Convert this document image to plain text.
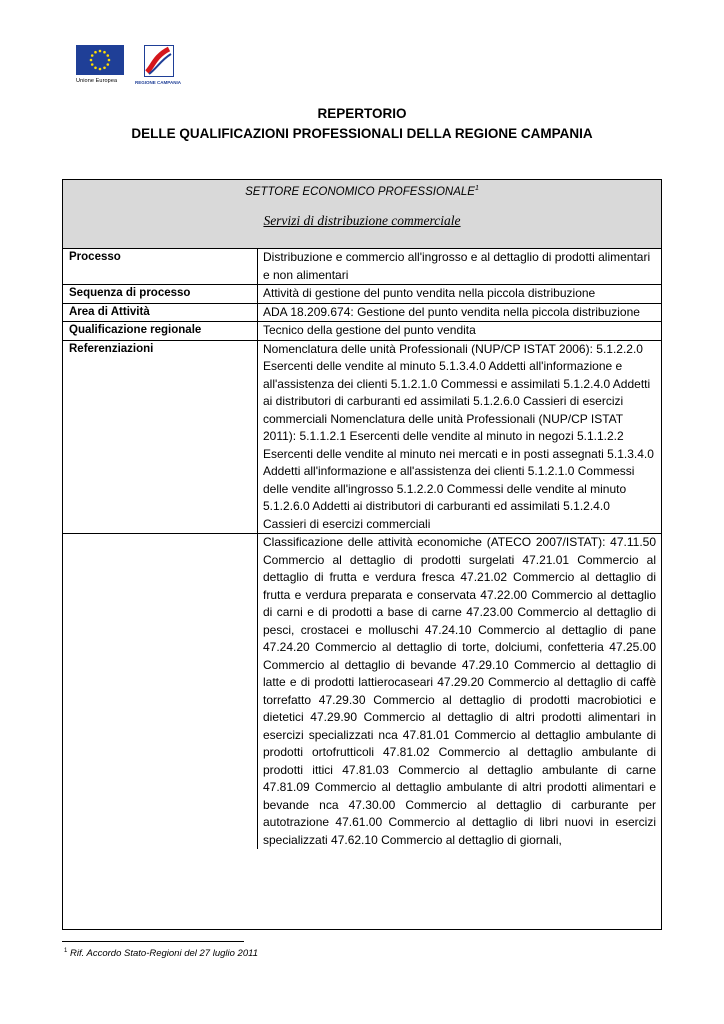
Unione Europea	REGIONE CAMPANIA
REPERTORIO
DELLE QUALIFICAZIONI PROFESSIONALI DELLA REGIONE CAMPANIA
SETTORE ECONOMICO PROFESSIONALE$^1$
Servizi di distribuzione commerciale
Processo	Distribuzione e commercio all'ingrosso e al dettaglio di prodotti alimentari e non alimentari
Sequenza di processo	Attività di gestione del punto vendita nella piccola distribuzione
Area di Attività	ADA 18.209.674: Gestione del punto vendita nella piccola distribuzione
Qualificazione regionale	Tecnico della gestione del punto vendita
Referenziazioni	Nomenclatura delle unità Professionali (NUP/CP ISTAT 2006): 5.1.2.2.0 Esercenti delle vendite al minuto 5.1.3.4.0 Addetti all'informazione e all'assistenza dei clienti 5.1.2.1.0 Commessi e assimilati 5.1.2.4.0 Addetti ai distributori di carburanti ed assimilati 5.1.2.6.0 Cassieri di esercizi commerciali Nomenclatura delle unità Professionali (NUP/CP ISTAT 2011): 5.1.1.2.1 Esercenti delle vendite al minuto in negozi 5.1.1.2.2 Esercenti delle vendite al minuto nei mercati e in posti assegnati 5.1.3.4.0 Addetti all'informazione e all'assistenza dei clienti 5.1.2.1.0 Commessi delle vendite all'ingrosso 5.1.2.2.0 Commessi delle vendite al minuto 5.1.2.6.0 Addetti ai distributori di carburanti ed assimilati 5.1.2.4.0 Cassieri di esercizi commerciali
Classificazione delle attività economiche (ATECO 2007/ISTAT): 47.11.50 Commercio al dettaglio di prodotti surgelati 47.21.01 Commercio al dettaglio di frutta e verdura fresca 47.21.02 Commercio al dettaglio di frutta e verdura preparata e conservata 47.22.00 Commercio al dettaglio di carni e di prodotti a base di carne 47.23.00 Commercio al dettaglio di pesci, crostacei e molluschi 47.24.10 Commercio al dettaglio di pane 47.24.20 Commercio al dettaglio di torte, dolciumi, confetteria 47.25.00 Commercio al dettaglio di bevande 47.29.10 Commercio al dettaglio di latte e di prodotti lattierocaseari 47.29.20 Commercio al dettaglio di caffè torrefatto 47.29.30 Commercio al dettaglio di prodotti macrobiotici e dietetici 47.29.90 Commercio al dettaglio di altri prodotti alimentari in esercizi specializzati nca 47.81.01 Commercio al dettaglio ambulante di prodotti ortofrutticoli 47.81.02 Commercio al dettaglio ambulante di prodotti ittici 47.81.03 Commercio al dettaglio ambulante di carne 47.81.09 Commercio al dettaglio ambulante di altri prodotti alimentari e bevande nca 47.30.00 Commercio al dettaglio di carburante per autotrazione 47.61.00 Commercio al dettaglio di libri nuovi in esercizi specializzati 47.62.10 Commercio al dettaglio di giornali,
$^1$ Rif. Accordo Stato-Regioni del 27 luglio 2011
